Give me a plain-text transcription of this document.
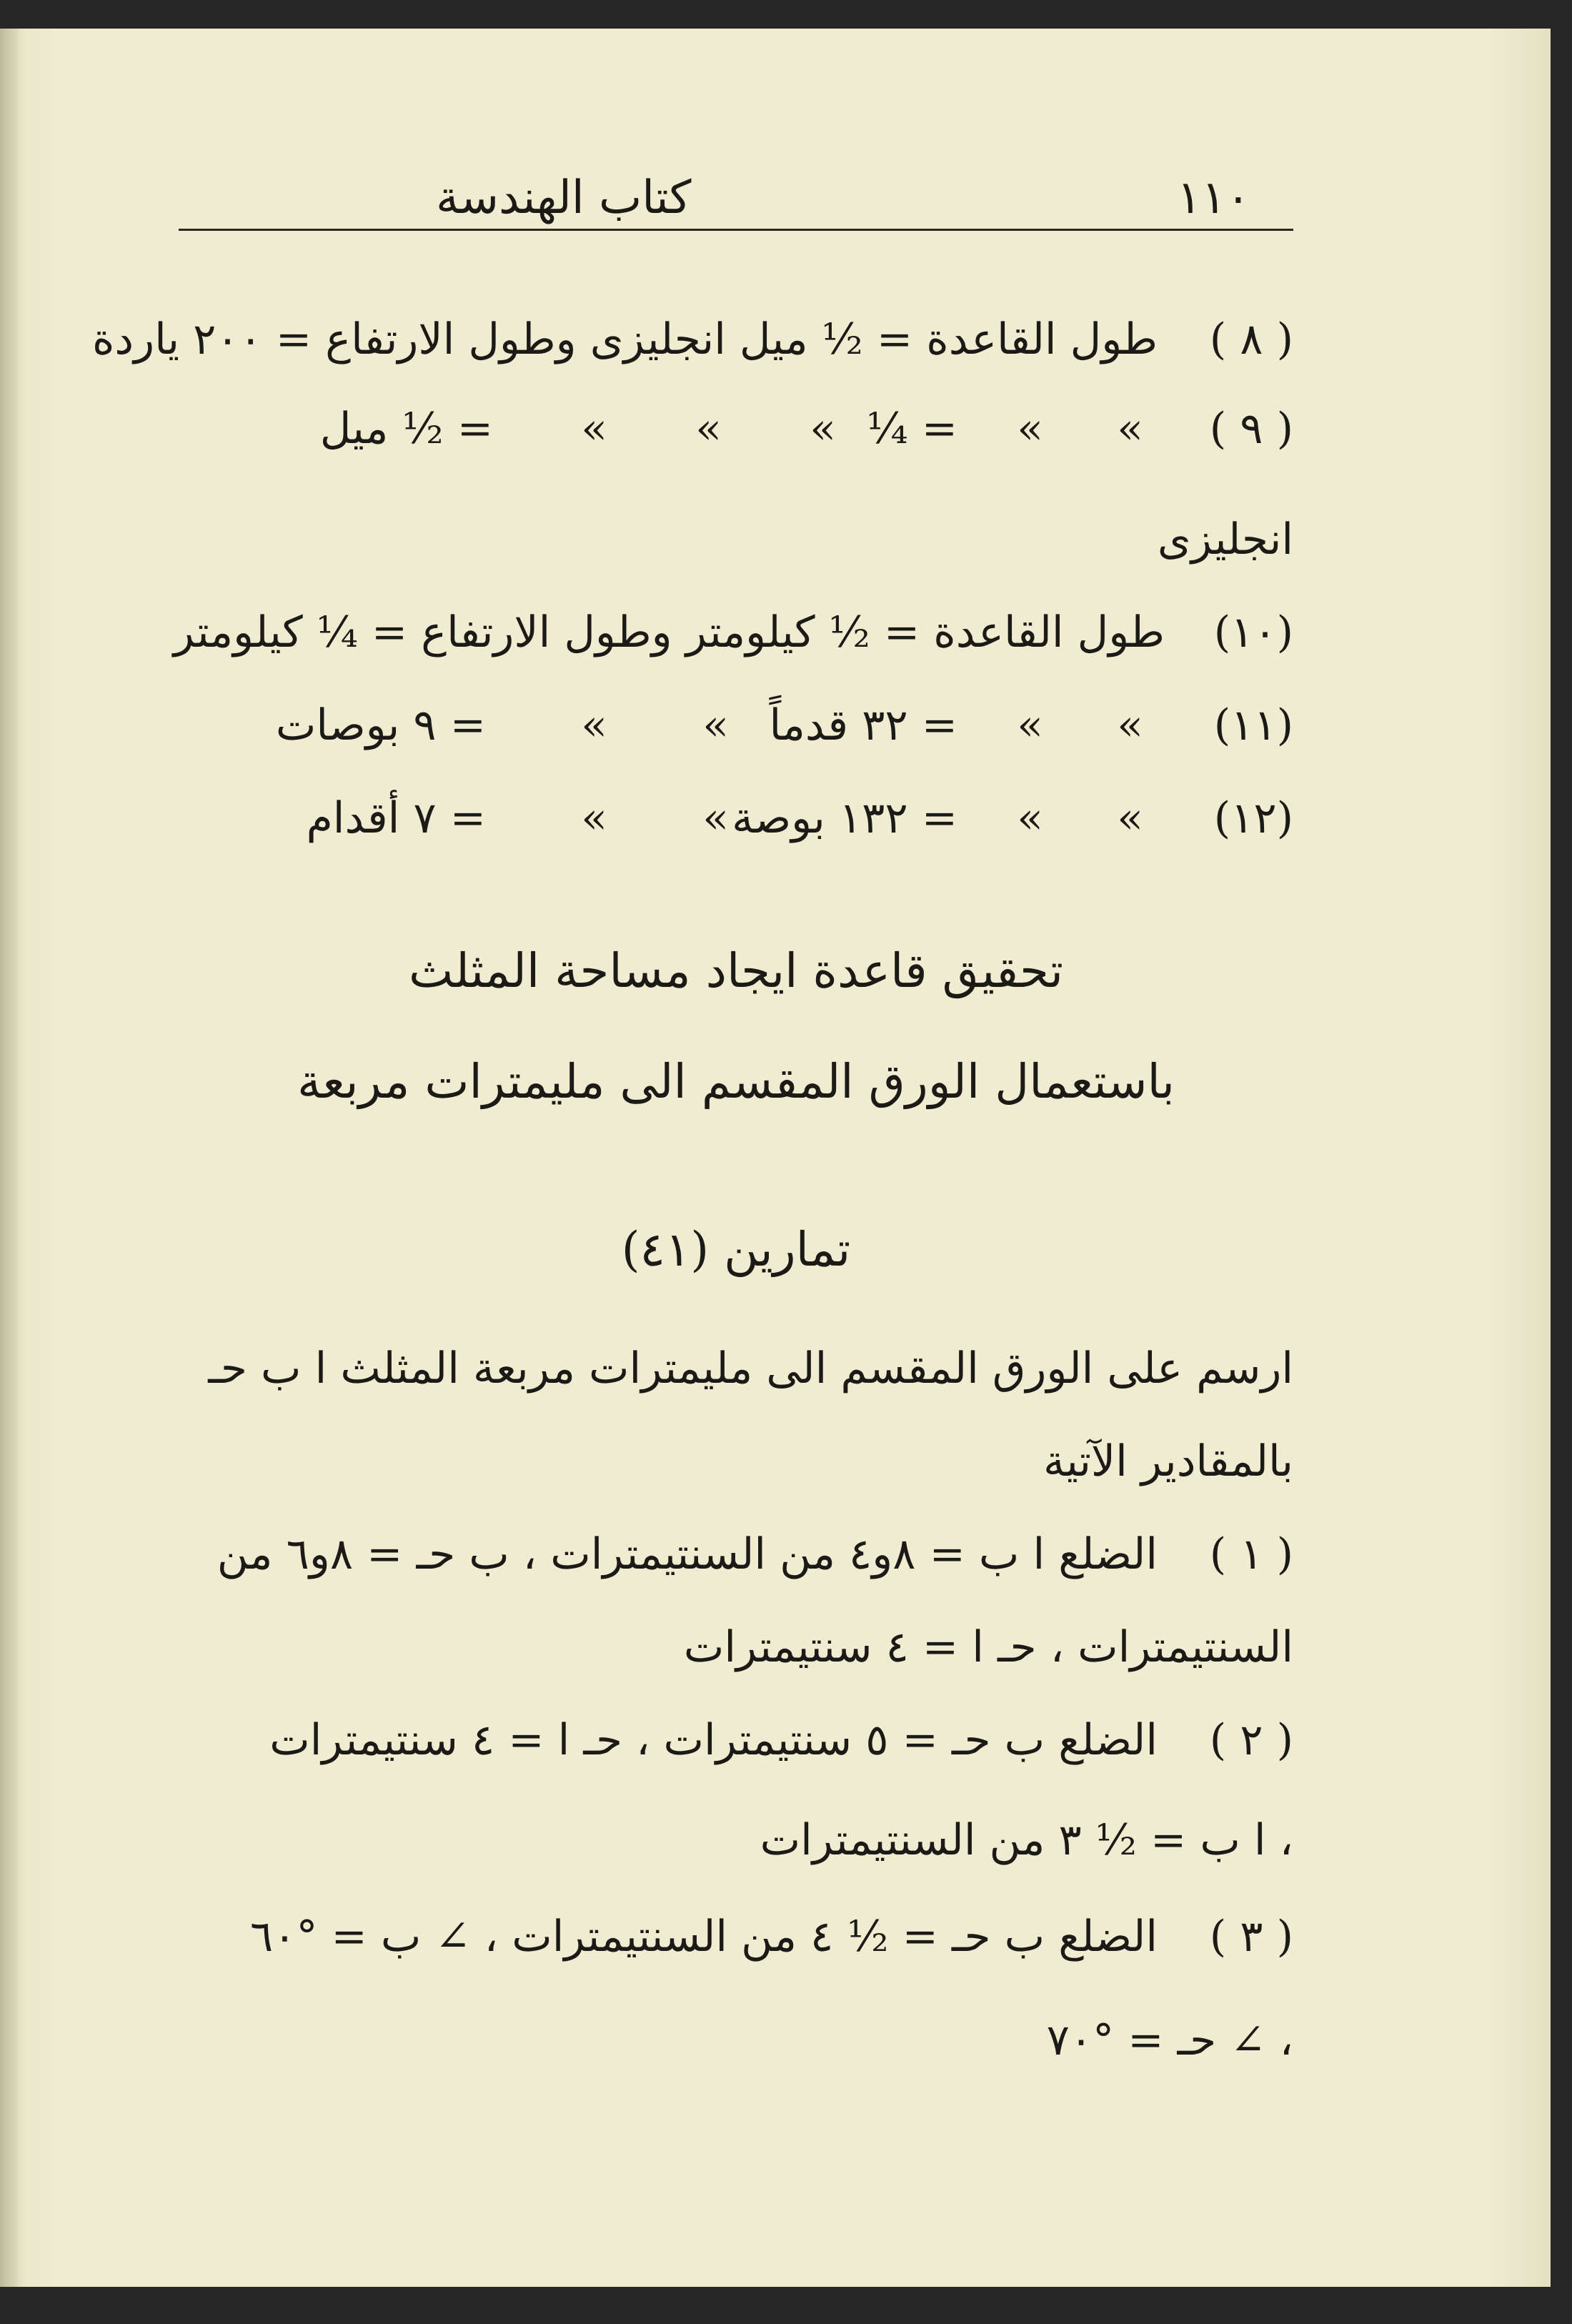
١١٠
كتاب الهندسة
( ٨ )
طول القاعدة = ½ ميل انجليزى وطول الارتفاع = ٢٠٠ ياردة
( ٩ )
»
»
= ¼
»
»
»
= ½ ميل
انجليزى
(١٠)
طول القاعدة = ½ كيلومتر وطول الارتفاع = ¼ كيلومتر
(١١)
»
»
= ٣٢ قدماً
»
»
= ٩ بوصات
(١٢)
»
»
= ١٣٢ بوصة
»
»
= ٧ أقدام
تحقيق قاعدة ايجاد مساحة المثلث
باستعمال الورق المقسم الى مليمترات مربعة
تمارين (٤١)
ارسم على الورق المقسم الى مليمترات مربعة المثلث ا ب حـ
بالمقادير الآتية
( ١ )
الضلع ا ب = ٨و٤ من السنتيمترات ، ب حـ = ٨و٦ من
السنتيمترات ، حـ ا = ٤ سنتيمترات
( ٢ )
الضلع ب حـ = ٥ سنتيمترات ، حـ ا = ٤ سنتيمترات
، ا ب = ½ ٣ من السنتيمترات
( ٣ )
الضلع ب حـ = ½ ٤ من السنتيمترات ، ∠ ب = °٦٠
، ∠ حـ = °٧٠
